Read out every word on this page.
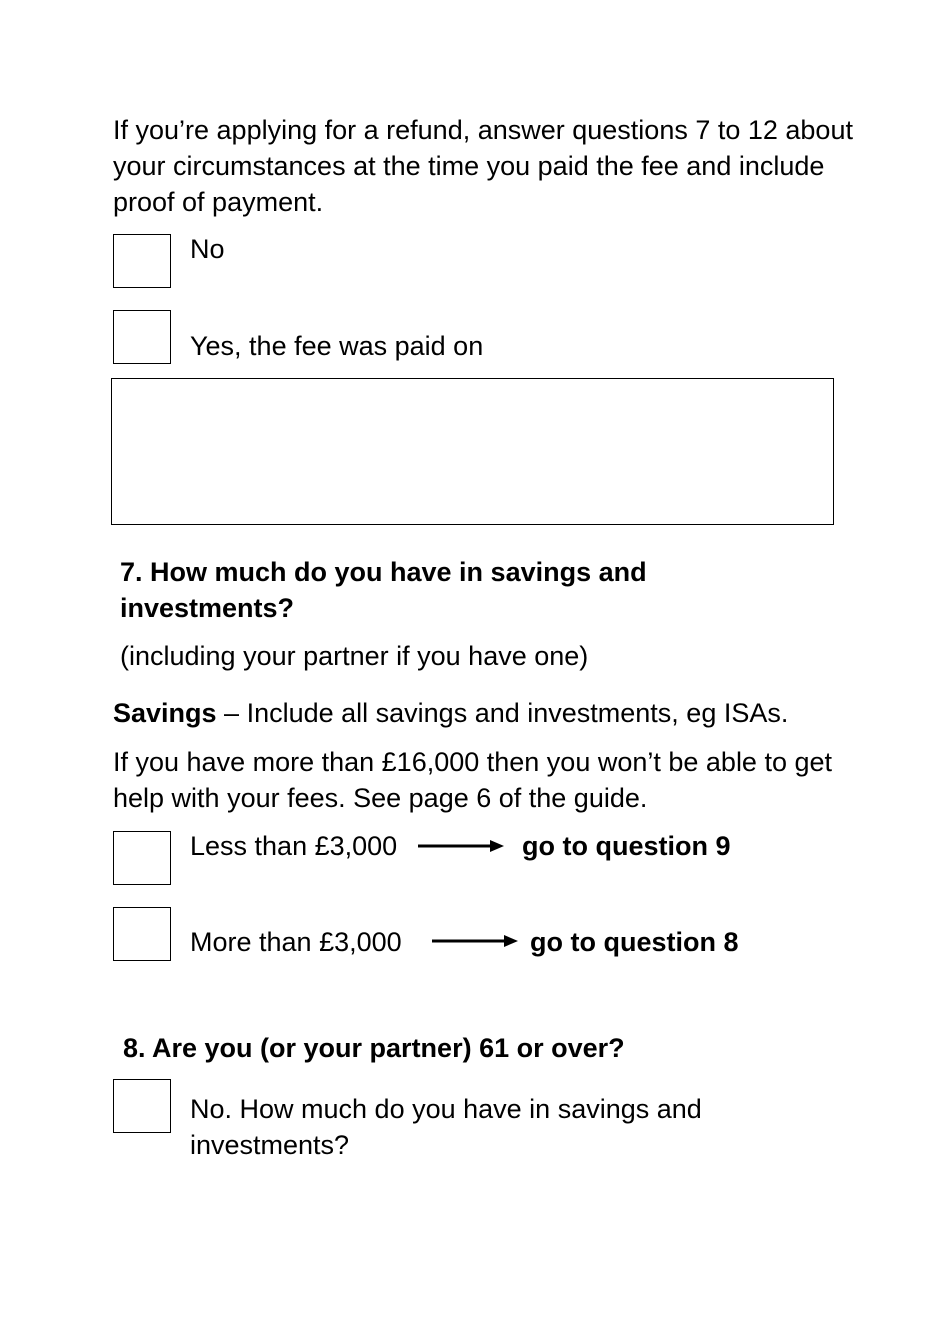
If you’re applying for a refund, answer questions 7 to 12 about your circumstances at the time you paid the fee and include proof of payment.
No
Yes, the fee was paid on
7. How much do you have in savings and investments?
(including your partner if you have one)
Savings – Include all savings and investments, eg ISAs.
If you have more than £16,000 then you won’t be able to get help with your fees. See page 6 of the guide.
Less than £3,000	go to question 9
More than £3,000	go to question 8
8. Are you (or your partner) 61 or over?
No. How much do you have in savings and investments?
